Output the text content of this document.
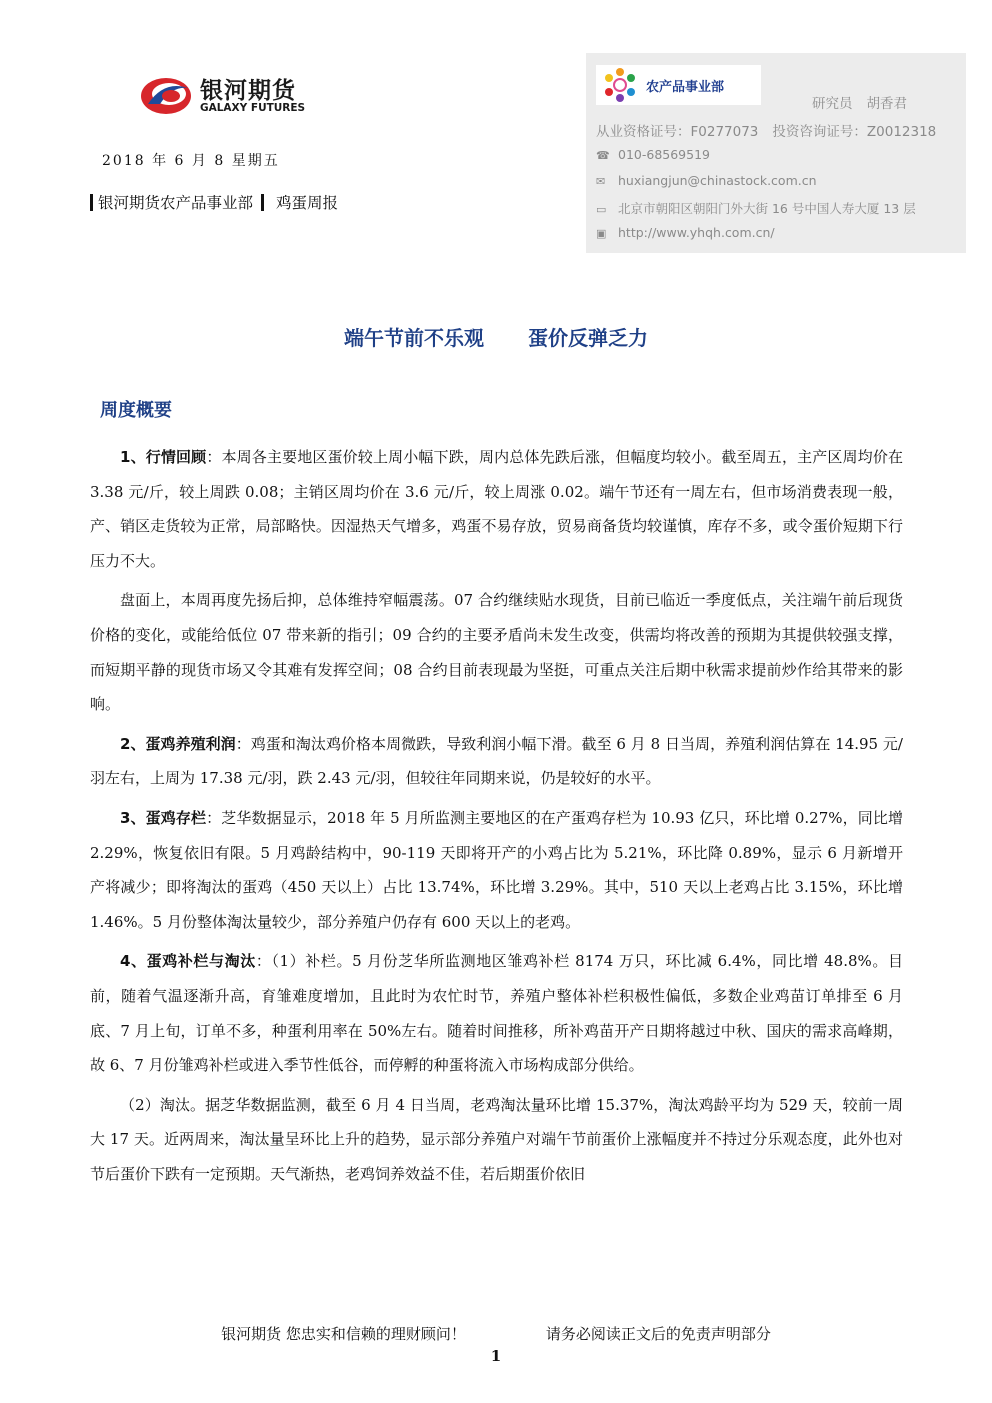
银河期货
GALAXY FUTURES
2018 年 6 月 8 星期五
银河期货农产品事业部 鸡蛋周报
农产品事业部
研究员 胡香君
从业资格证号：F0277073 投资咨询证号：Z0012318
☎ 010-68569519
✉ huxiangjun@chinastock.com.cn
▭ 北京市朝阳区朝阳门外大街 16 号中国人寿大厦 13 层
▣ http://www.yhqh.com.cn/
端午节前不乐观 蛋价反弹乏力
周度概要

1、行情回顾：本周各主要地区蛋价较上周小幅下跌，周内总体先跌后涨，但幅度均较小。截至周五，主产区周均价在 3.38 元/斤，较上周跌 0.08；主销区周均价在 3.6 元/斤，较上周涨 0.02。端午节还有一周左右，但市场消费表现一般，产、销区走货较为正常，局部略快。因湿热天气增多，鸡蛋不易存放，贸易商备货均较谨慎，库存不多，或令蛋价短期下行压力不大。

盘面上，本周再度先扬后抑，总体维持窄幅震荡。07 合约继续贴水现货，目前已临近一季度低点，关注端午前后现货价格的变化，或能给低位 07 带来新的指引；09 合约的主要矛盾尚未发生改变，供需均将改善的预期为其提供较强支撑，而短期平静的现货市场又令其难有发挥空间；08 合约目前表现最为坚挺，可重点关注后期中秋需求提前炒作给其带来的影响。

2、蛋鸡养殖利润：鸡蛋和淘汰鸡价格本周微跌，导致利润小幅下滑。截至 6 月 8 日当周，养殖利润估算在 14.95 元/羽左右，上周为 17.38 元/羽，跌 2.43 元/羽，但较往年同期来说，仍是较好的水平。

3、蛋鸡存栏：芝华数据显示，2018 年 5 月所监测主要地区的在产蛋鸡存栏为 10.93 亿只，环比增 0.27%，同比增 2.29%，恢复依旧有限。5 月鸡龄结构中，90-119 天即将开产的小鸡占比为 5.21%，环比降 0.89%，显示 6 月新增开产将减少；即将淘汰的蛋鸡（450 天以上）占比 13.74%，环比增 3.29%。其中，510 天以上老鸡占比 3.15%，环比增 1.46%。5 月份整体淘汰量较少，部分养殖户仍存有 600 天以上的老鸡。

4、蛋鸡补栏与淘汰：（1）补栏。5 月份芝华所监测地区雏鸡补栏 8174 万只，环比减 6.4%，同比增 48.8%。目前，随着气温逐渐升高，育雏难度增加，且此时为农忙时节，养殖户整体补栏积极性偏低，多数企业鸡苗订单排至 6 月底、7 月上旬，订单不多，种蛋利用率在 50%左右。随着时间推移，所补鸡苗开产日期将越过中秋、国庆的需求高峰期，故 6、7 月份雏鸡补栏或进入季节性低谷，而停孵的种蛋将流入市场构成部分供给。

（2）淘汰。据芝华数据监测，截至 6 月 4 日当周，老鸡淘汰量环比增 15.37%，淘汰鸡龄平均为 529 天，较前一周大 17 天。近两周来，淘汰量呈环比上升的趋势，显示部分养殖户对端午节前蛋价上涨幅度并不持过分乐观态度，此外也对节后蛋价下跌有一定预期。天气渐热，老鸡饲养效益不佳，若后期蛋价依旧

银河期货 您忠实和信赖的理财顾问！	请务必阅读正文后的免责声明部分
1
